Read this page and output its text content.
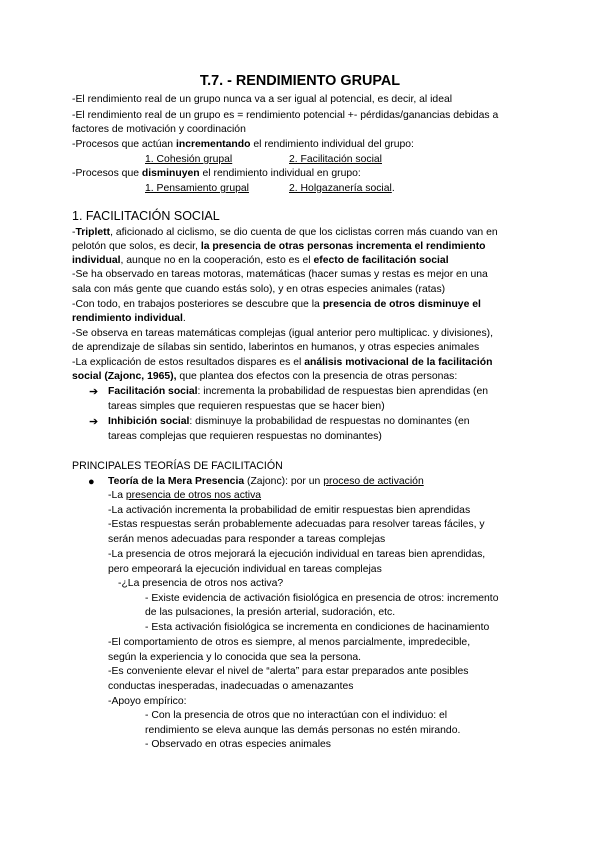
T.7. - RENDIMIENTO GRUPAL
-El rendimiento real de un grupo nunca va a ser igual al potencial, es decir, al ideal
-El rendimiento real de un grupo es = rendimiento potencial +- pérdidas/ganancias debidas a
factores de motivación y coordinación
-Procesos que actúan incrementando el rendimiento individual del grupo:
1. Cohesión grupal	2. Facilitación social
-Procesos que disminuyen el rendimiento individual en grupo:
1. Pensamiento grupal	2. Holgazanería social.
1. FACILITACIÓN SOCIAL
-Triplett, aficionado al ciclismo, se dio cuenta de que los ciclistas corren más cuando van en
pelotón que solos, es decir, la presencia de otras personas incrementa el rendimiento
individual, aunque no en la cooperación, esto es el efecto de facilitación social
-Se ha observado en tareas motoras, matemáticas (hacer sumas y restas es mejor en una
sala con más gente que cuando estás solo), y en otras especies animales (ratas)
-Con todo, en trabajos posteriores se descubre que la presencia de otros disminuye el
rendimiento individual.
-Se observa en tareas matemáticas complejas (igual anterior pero multiplicac. y divisiones),
de aprendizaje de sílabas sin sentido, laberintos en humanos, y otras especies animales
-La explicación de estos resultados dispares es el análisis motivacional de la facilitación
social (Zajonc, 1965), que plantea dos efectos con la presencia de otras personas:
➔ Facilitación social: incrementa la probabilidad de respuestas bien aprendidas (en
tareas simples que requieren respuestas que se hacer bien)
➔ Inhibición social: disminuye la probabilidad de respuestas no dominantes (en
tareas complejas que requieren respuestas no dominantes)
PRINCIPALES TEORÍAS DE FACILITACIÓN
● Teoría de la Mera Presencia (Zajonc): por un proceso de activación
-La presencia de otros nos activa
-La activación incrementa la probabilidad de emitir respuestas bien aprendidas
-Estas respuestas serán probablemente adecuadas para resolver tareas fáciles, y
serán menos adecuadas para responder a tareas complejas
-La presencia de otros mejorará la ejecución individual en tareas bien aprendidas,
pero empeorará la ejecución individual en tareas complejas
-¿La presencia de otros nos activa?
- Existe evidencia de activación fisiológica en presencia de otros: incremento
de las pulsaciones, la presión arterial, sudoración, etc.
- Esta activación fisiológica se incrementa en condiciones de hacinamiento
-El comportamiento de otros es siempre, al menos parcialmente, impredecible,
según la experiencia y lo conocida que sea la persona.
-Es conveniente elevar el nivel de “alerta” para estar preparados ante posibles
conductas inesperadas, inadecuadas o amenazantes
-Apoyo empírico:
- Con la presencia de otros que no interactúan con el individuo: el
rendimiento se eleva aunque las demás personas no estén mirando.
- Observado en otras especies animales
